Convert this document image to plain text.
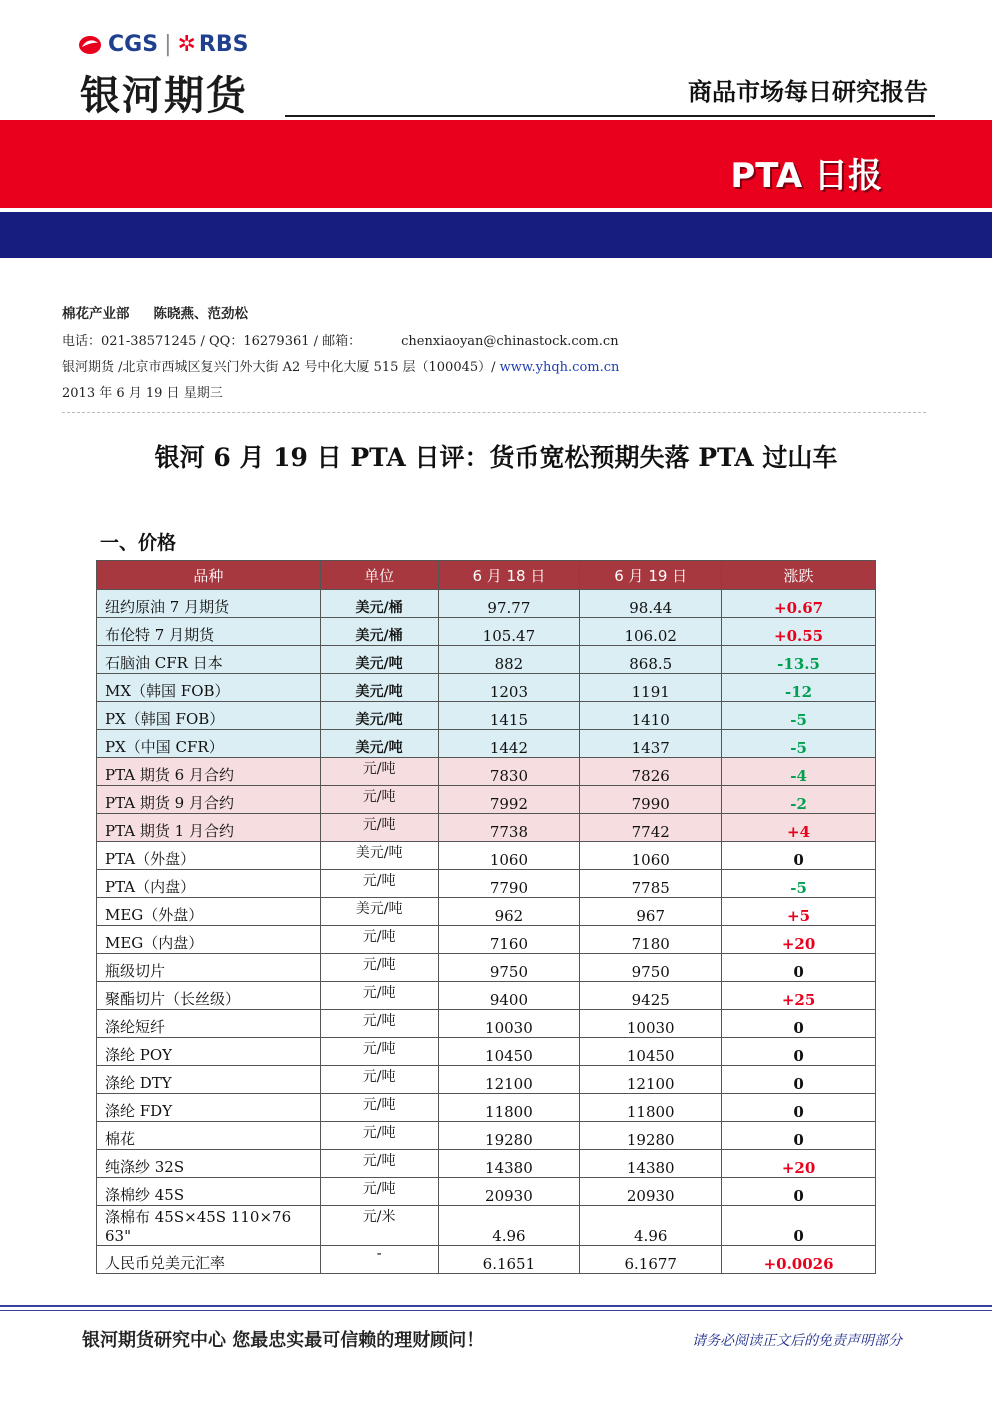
CGS | ✲ RBS
银河期货	商品市场每日研究报告
PTA 日报
棉花产业部 陈晓燕、范劲松
电话：021-38571245 / QQ：16279361 / 邮箱：	chenxiaoyan@chinastock.com.cn
银河期货 /北京市西城区复兴门外大街 A2 号中化大厦 515 层（100045）/ www.yhqh.com.cn
2013 年 6 月 19 日 星期三
银河 6 月 19 日 PTA 日评：货币宽松预期失落 PTA 过山车
一、价格
品种	单位	6 月 18 日	6 月 19 日	涨跌
纽约原油 7 月期货	美元/桶	97.77	98.44	+0.67
布伦特 7 月期货	美元/桶	105.47	106.02	+0.55
石脑油 CFR 日本	美元/吨	882	868.5	-13.5
MX（韩国 FOB）	美元/吨	1203	1191	-12
PX（韩国 FOB）	美元/吨	1415	1410	-5
PX（中国 CFR）	美元/吨	1442	1437	-5
PTA 期货 6 月合约	元/吨	7830	7826	-4
PTA 期货 9 月合约	元/吨	7992	7990	-2
PTA 期货 1 月合约	元/吨	7738	7742	+4
PTA（外盘）	美元/吨	1060	1060	0
PTA（内盘）	元/吨	7790	7785	-5
MEG（外盘）	美元/吨	962	967	+5
MEG（内盘）	元/吨	7160	7180	+20
瓶级切片	元/吨	9750	9750	0
聚酯切片（长丝级）	元/吨	9400	9425	+25
涤纶短纤	元/吨	10030	10030	0
涤纶 POY	元/吨	10450	10450	0
涤纶 DTY	元/吨	12100	12100	0
涤纶 FDY	元/吨	11800	11800	0
棉花	元/吨	19280	19280	0
纯涤纱 32S	元/吨	14380	14380	+20
涤棉纱 45S	元/吨	20930	20930	0
涤棉布 45S×45S 110×76 63"	元/米	4.96	4.96	0
人民币兑美元汇率	-	6.1651	6.1677	+0.0026
银河期货研究中心 您最忠实最可信赖的理财顾问！	请务必阅读正文后的免责声明部分
